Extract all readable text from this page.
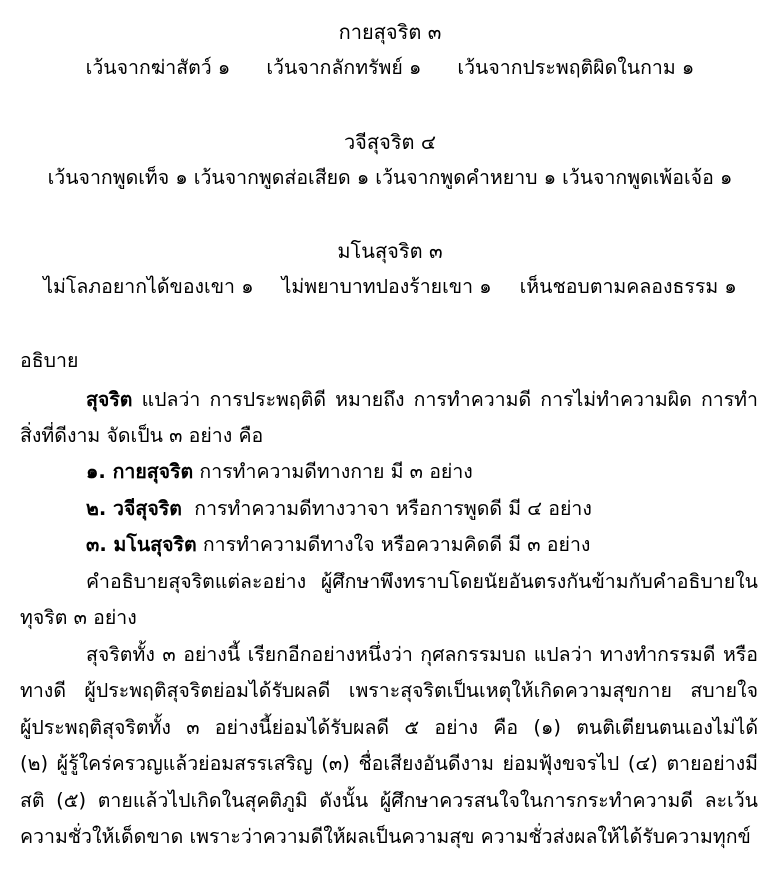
กายสุจริต ๓
เว้นจากฆ่าสัตว์ ๑ เว้นจากลักทรัพย์ ๑ เว้นจากประพฤติผิดในกาม ๑
วจีสุจริต ๔
เว้นจากพูดเท็จ ๑ เว้นจากพูดส่อเสียด ๑ เว้นจากพูดคำหยาบ ๑ เว้นจากพูดเพ้อเจ้อ ๑
มโนสุจริต ๓
ไม่โลภอยากได้ของเขา ๑ ไม่พยาบาทปองร้ายเขา ๑ เห็นชอบตามคลองธรรม ๑
อธิบาย
สุจริต แปลว่า การประพฤติดี หมายถึง การทำความดี การไม่ทำความผิด การทำ
สิ่งที่ดีงาม จัดเป็น ๓ อย่าง คือ
๑. กายสุจริต การทำความดีทางกาย มี ๓ อย่าง
๒. วจีสุจริต  การทำความดีทางวาจา หรือการพูดดี มี ๔ อย่าง
๓. มโนสุจริต การทำความดีทางใจ หรือความคิดดี มี ๓ อย่าง
คำอธิบายสุจริตแต่ละอย่าง ผู้ศึกษาพึงทราบโดยนัยอันตรงกันข้ามกับคำอธิบายใน
ทุจริต ๓ อย่าง
สุจริตทั้ง ๓ อย่างนี้ เรียกอีกอย่างหนึ่งว่า กุศลกรรมบถ แปลว่า ทางทำกรรมดี หรือ
ทางดี ผู้ประพฤติสุจริตย่อมได้รับผลดี เพราะสุจริตเป็นเหตุให้เกิดความสุขกาย สบายใจ
ผู้ประพฤติสุจริตทั้ง ๓ อย่างนี้ย่อมได้รับผลดี ๕ อย่าง คือ (๑) ตนติเตียนตนเองไม่ได้
(๒) ผู้รู้ใคร่ครวญแล้วย่อมสรรเสริญ (๓) ชื่อเสียงอันดีงาม ย่อมฟุ้งขจรไป (๔) ตายอย่างมี
สติ (๕) ตายแล้วไปเกิดในสุคติภูมิ ดังนั้น ผู้ศึกษาควรสนใจในการกระทำความดี ละเว้น
ความชั่วให้เด็ดขาด เพราะว่าความดีให้ผลเป็นความสุข ความชั่วส่งผลให้ได้รับความทุกข์
